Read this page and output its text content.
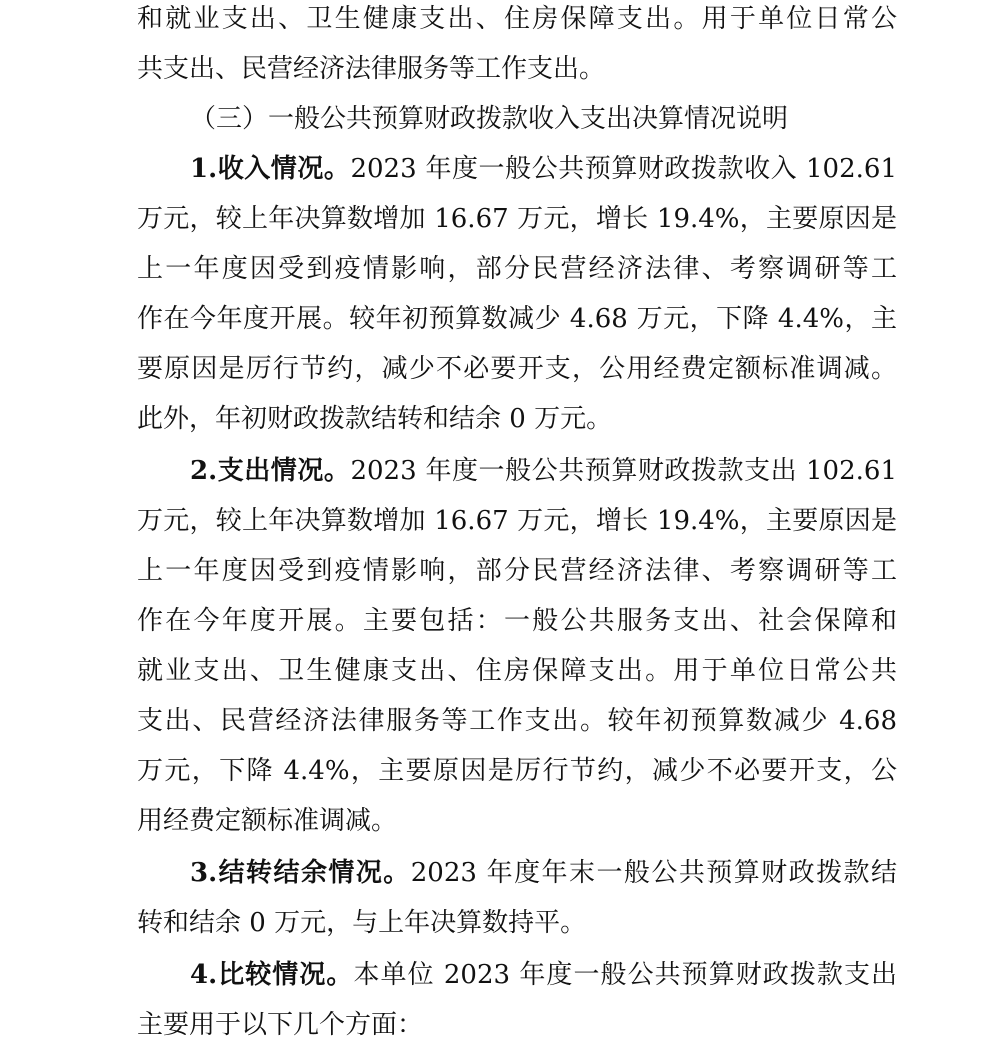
和就业支出、卫生健康支出、住房保障支出。用于单位日常公
共支出、民营经济法律服务等工作支出。
（三）一般公共预算财政拨款收入支出决算情况说明
1.收入情况。2023 年度一般公共预算财政拨款收入 102.61
万元，较上年决算数增加 16.67 万元，增长 19.4%，主要原因是
上一年度因受到疫情影响，部分民营经济法律、考察调研等工
作在今年度开展。较年初预算数减少 4.68 万元，下降 4.4%，主
要原因是厉行节约，减少不必要开支，公用经费定额标准调减。
此外，年初财政拨款结转和结余 0 万元。
2.支出情况。2023 年度一般公共预算财政拨款支出 102.61
万元，较上年决算数增加 16.67 万元，增长 19.4%，主要原因是
上一年度因受到疫情影响，部分民营经济法律、考察调研等工
作在今年度开展。主要包括：一般公共服务支出、社会保障和
就业支出、卫生健康支出、住房保障支出。用于单位日常公共
支出、民营经济法律服务等工作支出。较年初预算数减少 4.68
万元，下降 4.4%，主要原因是厉行节约，减少不必要开支，公
用经费定额标准调减。
3.结转结余情况。2023 年度年末一般公共预算财政拨款结
转和结余 0 万元，与上年决算数持平。
4.比较情况。本单位 2023 年度一般公共预算财政拨款支出
主要用于以下几个方面：
